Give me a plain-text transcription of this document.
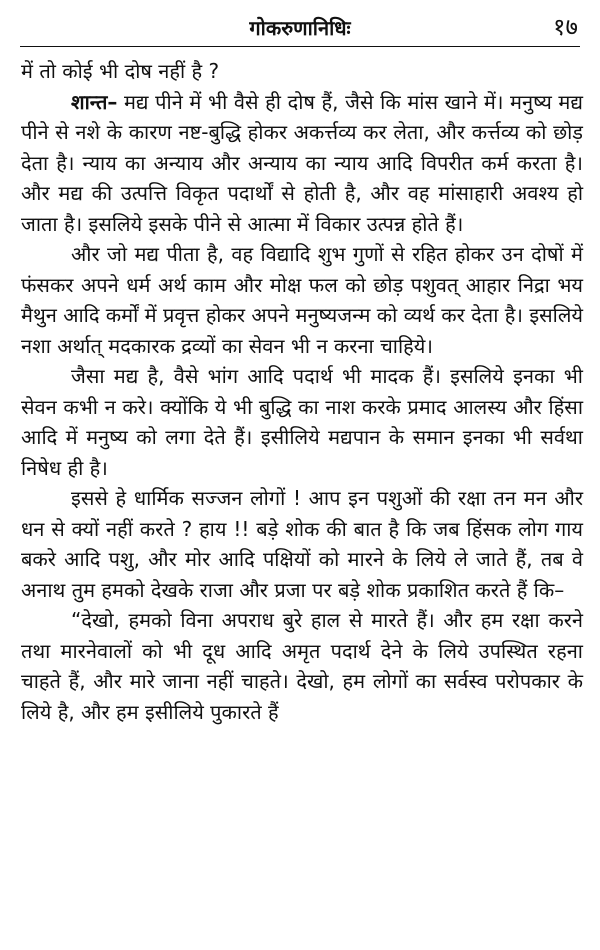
गोकरुणानिधिः	१७

में तो कोई भी दोष नहीं है ?

शान्त– मद्य पीने में भी वैसे ही दोष हैं, जैसे कि मांस खाने में। मनुष्य मद्य पीने से नशे के कारण नष्ट-बुद्धि होकर अकर्त्तव्य कर लेता, और कर्त्तव्य को छोड़ देता है। न्याय का अन्याय और अन्याय का न्याय आदि विपरीत कर्म करता है। और मद्य की उत्पत्ति विकृत पदार्थों से होती है, और वह मांसाहारी अवश्य हो जाता है। इसलिये इसके पीने से आत्मा में विकार उत्पन्न होते हैं।

और जो मद्य पीता है, वह विद्यादि शुभ गुणों से रहित होकर उन दोषों में फंसकर अपने धर्म अर्थ काम और मोक्ष फल को छोड़ पशुवत् आहार निद्रा भय मैथुन आदि कर्मों में प्रवृत्त होकर अपने मनुष्यजन्म को व्यर्थ कर देता है। इसलिये नशा अर्थात् मदकारक द्रव्यों का सेवन भी न करना चाहिये।

जैसा मद्य है, वैसे भांग आदि पदार्थ भी मादक हैं। इसलिये इनका भी सेवन कभी न करे। क्योंकि ये भी बुद्धि का नाश करके प्रमाद आलस्य और हिंसा आदि में मनुष्य को लगा देते हैं। इसीलिये मद्यपान के समान इनका भी सर्वथा निषेध ही है।

इससे हे धार्मिक सज्जन लोगों ! आप इन पशुओं की रक्षा तन मन और धन से क्यों नहीं करते ? हाय !! बड़े शोक की बात है कि जब हिंसक लोग गाय बकरे आदि पशु, और मोर आदि पक्षियों को मारने के लिये ले जाते हैं, तब वे अनाथ तुम हमको देखके राजा और प्रजा पर बड़े शोक प्रकाशित करते हैं कि–

“देखो, हमको विना अपराध बुरे हाल से मारते हैं। और हम रक्षा करने तथा मारनेवालों को भी दूध आदि अमृत पदार्थ देने के लिये उपस्थित रहना चाहते हैं, और मारे जाना नहीं चाहते। देखो, हम लोगों का सर्वस्व परोपकार के लिये है, और हम इसीलिये पुकारते हैं
